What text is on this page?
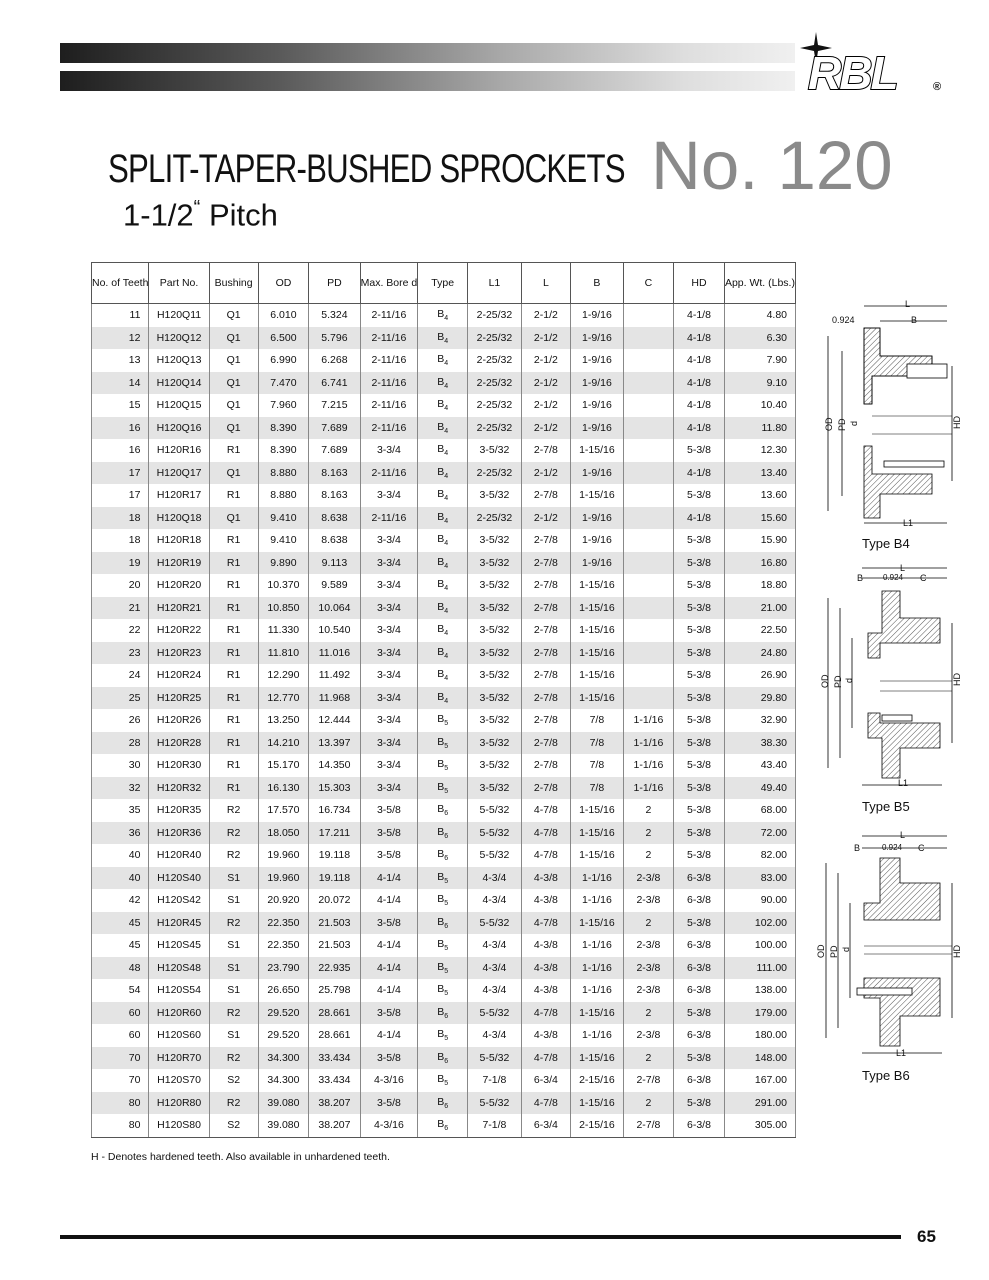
RBL	®
SPLIT-TAPER-BUSHED SPROCKETS
1-1/2“ Pitch
No. 120
No. of Teeth	Part No.	Bushing	OD	PD	Max. Bore d	Type	L1	L	B	C	HD	App. Wt. (Lbs.)
11	H120Q11	Q1	6.010	5.324	2-11/16	$B_4$	2-25/32	2-1/2	1-9/16		4-1/8	4.80
12	H120Q12	Q1	6.500	5.796	2-11/16	$B_4$	2-25/32	2-1/2	1-9/16		4-1/8	6.30
13	H120Q13	Q1	6.990	6.268	2-11/16	$B_4$	2-25/32	2-1/2	1-9/16		4-1/8	7.90
14	H120Q14	Q1	7.470	6.741	2-11/16	$B_4$	2-25/32	2-1/2	1-9/16		4-1/8	9.10
15	H120Q15	Q1	7.960	7.215	2-11/16	$B_4$	2-25/32	2-1/2	1-9/16		4-1/8	10.40
16	H120Q16	Q1	8.390	7.689	2-11/16	$B_4$	2-25/32	2-1/2	1-9/16		4-1/8	11.80
16	H120R16	R1	8.390	7.689	3-3/4	$B_4$	3-5/32	2-7/8	1-15/16		5-3/8	12.30
17	H120Q17	Q1	8.880	8.163	2-11/16	$B_4$	2-25/32	2-1/2	1-9/16		4-1/8	13.40
17	H120R17	R1	8.880	8.163	3-3/4	$B_4$	3-5/32	2-7/8	1-15/16		5-3/8	13.60
18	H120Q18	Q1	9.410	8.638	2-11/16	$B_4$	2-25/32	2-1/2	1-9/16		4-1/8	15.60
18	H120R18	R1	9.410	8.638	3-3/4	$B_4$	3-5/32	2-7/8	1-9/16		5-3/8	15.90
19	H120R19	R1	9.890	9.113	3-3/4	$B_4$	3-5/32	2-7/8	1-9/16		5-3/8	16.80
20	H120R20	R1	10.370	9.589	3-3/4	$B_4$	3-5/32	2-7/8	1-15/16		5-3/8	18.80
21	H120R21	R1	10.850	10.064	3-3/4	$B_4$	3-5/32	2-7/8	1-15/16		5-3/8	21.00
22	H120R22	R1	11.330	10.540	3-3/4	$B_4$	3-5/32	2-7/8	1-15/16		5-3/8	22.50
23	H120R23	R1	11.810	11.016	3-3/4	$B_4$	3-5/32	2-7/8	1-15/16		5-3/8	24.80
24	H120R24	R1	12.290	11.492	3-3/4	$B_4$	3-5/32	2-7/8	1-15/16		5-3/8	26.90
25	H120R25	R1	12.770	11.968	3-3/4	$B_4$	3-5/32	2-7/8	1-15/16		5-3/8	29.80
26	H120R26	R1	13.250	12.444	3-3/4	$B_5$	3-5/32	2-7/8	7/8	1-1/16	5-3/8	32.90
28	H120R28	R1	14.210	13.397	3-3/4	$B_5$	3-5/32	2-7/8	7/8	1-1/16	5-3/8	38.30
30	H120R30	R1	15.170	14.350	3-3/4	$B_5$	3-5/32	2-7/8	7/8	1-1/16	5-3/8	43.40
32	H120R32	R1	16.130	15.303	3-3/4	$B_5$	3-5/32	2-7/8	7/8	1-1/16	5-3/8	49.40
35	H120R35	R2	17.570	16.734	3-5/8	$B_6$	5-5/32	4-7/8	1-15/16	2	5-3/8	68.00
36	H120R36	R2	18.050	17.211	3-5/8	$B_6$	5-5/32	4-7/8	1-15/16	2	5-3/8	72.00
40	H120R40	R2	19.960	19.118	3-5/8	$B_6$	5-5/32	4-7/8	1-15/16	2	5-3/8	82.00
40	H120S40	S1	19.960	19.118	4-1/4	$B_5$	4-3/4	4-3/8	1-1/16	2-3/8	6-3/8	83.00
42	H120S42	S1	20.920	20.072	4-1/4	$B_5$	4-3/4	4-3/8	1-1/16	2-3/8	6-3/8	90.00
45	H120R45	R2	22.350	21.503	3-5/8	$B_6$	5-5/32	4-7/8	1-15/16	2	5-3/8	102.00
45	H120S45	S1	22.350	21.503	4-1/4	$B_5$	4-3/4	4-3/8	1-1/16	2-3/8	6-3/8	100.00
48	H120S48	S1	23.790	22.935	4-1/4	$B_5$	4-3/4	4-3/8	1-1/16	2-3/8	6-3/8	111.00
54	H120S54	S1	26.650	25.798	4-1/4	$B_5$	4-3/4	4-3/8	1-1/16	2-3/8	6-3/8	138.00
60	H120R60	R2	29.520	28.661	3-5/8	$B_6$	5-5/32	4-7/8	1-15/16	2	5-3/8	179.00
60	H120S60	S1	29.520	28.661	4-1/4	$B_5$	4-3/4	4-3/8	1-1/16	2-3/8	6-3/8	180.00
70	H120R70	R2	34.300	33.434	3-5/8	$B_6$	5-5/32	4-7/8	1-15/16	2	5-3/8	148.00
70	H120S70	S2	34.300	33.434	4-3/16	$B_5$	7-1/8	6-3/4	2-15/16	2-7/8	6-3/8	167.00
80	H120R80	R2	39.080	38.207	3-5/8	$B_6$	5-5/32	4-7/8	1-15/16	2	5-3/8	291.00
80	H120S80	S2	39.080	38.207	4-3/16	$B_6$	7-1/8	6-3/4	2-15/16	2-7/8	6-3/8	305.00
L
B
0.924
OD PD d	HD
L1
Type B4
L
B 0.924 C
OD PD d	HD
L1
Type B5
L
B	0.924 C
OD PD d	HD
L1
Type B6
H - Denotes hardened teeth. Also available in unhardened teeth.
65
